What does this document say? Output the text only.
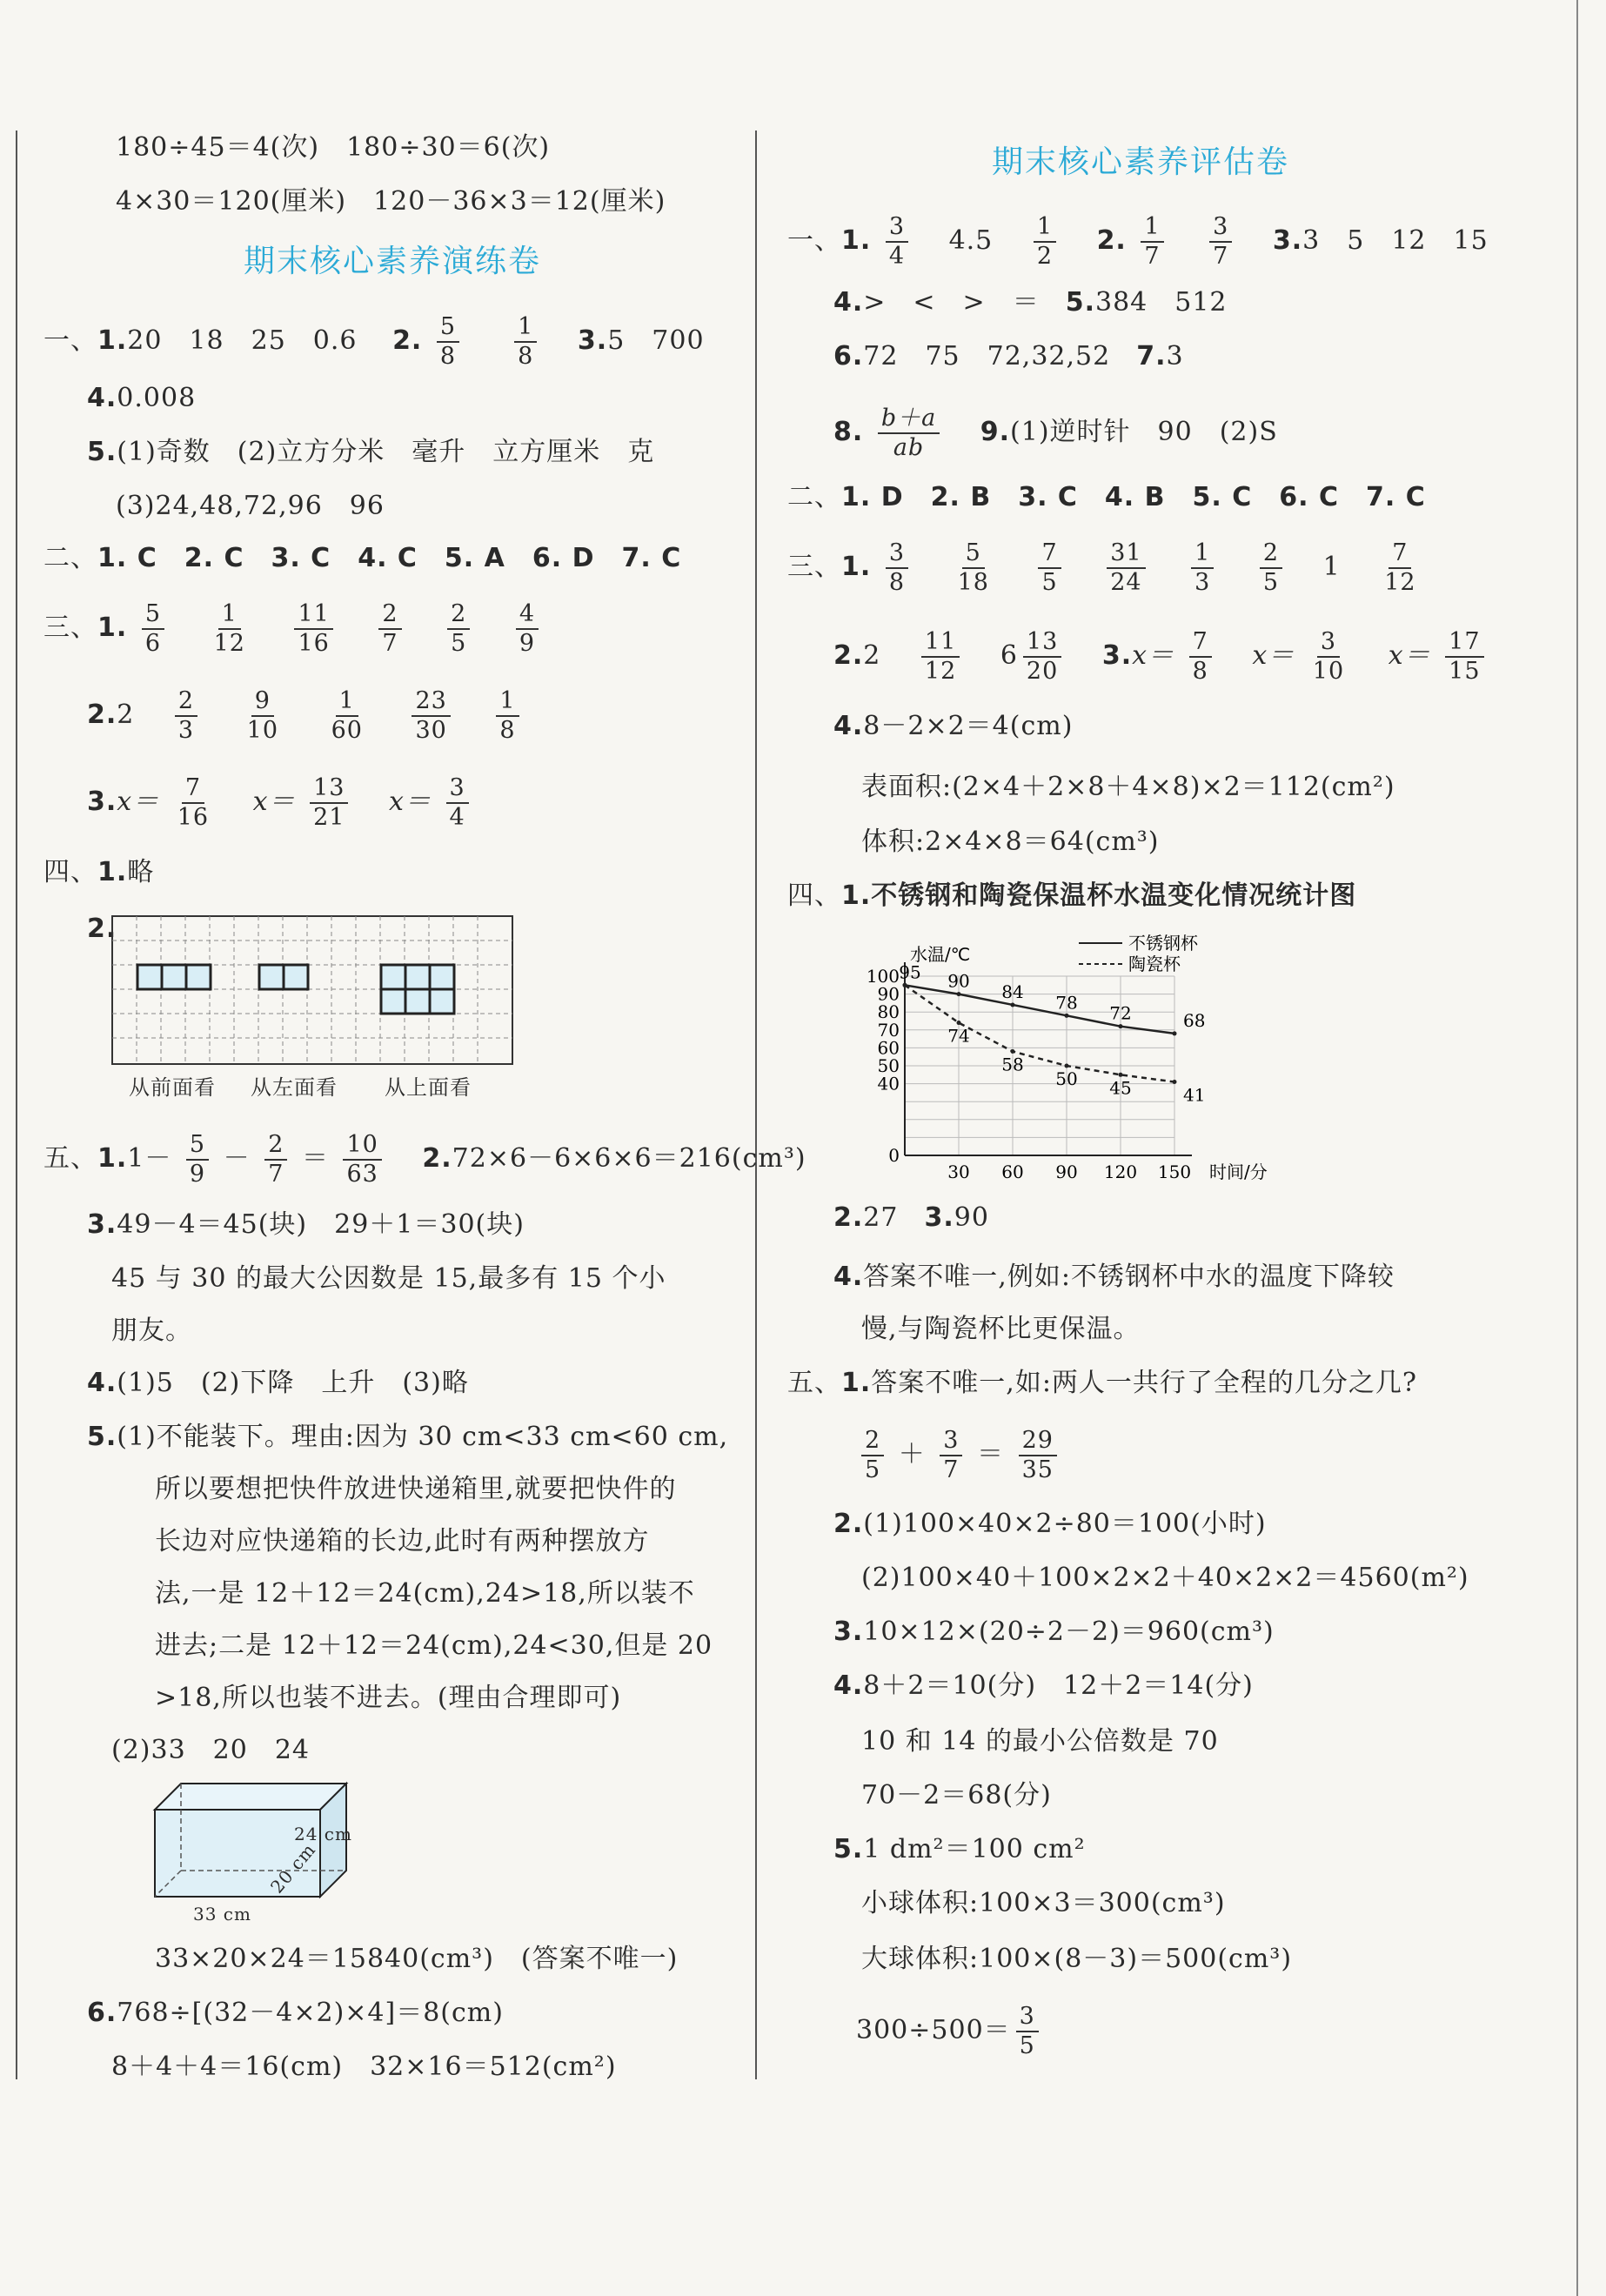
180÷45＝4(次)　180÷30＝6(次)
4×30＝120(厘米)　120－36×3＝12(厘米)
期末核心素养演练卷
一、1.20　18　25　0.6 2. $\frac{5}{8}$
$\frac{1}{8} 3.5$　700
4.0.008
5.(1)奇数　(2)立方分米　毫升　立方厘米　克
(3)24,48,72,96　96
二、1. C　2. C　3. C　4. C　5. A　6. D　7. C
三、1. $\frac{5}{6}$
$\frac{1}{12}$
$\frac{11}{16}$
$\frac{2}{7}$
$\frac{2}{5}$
$\frac{4}{9}$
$2.2 \frac{2}{3}$
$\frac{9}{10}$
$\frac{1}{60}$
$\frac{23}{30}$
$\frac{1}{8}$
$3.x= \frac{7}{16} x= \frac{13}{21} x= \frac{3}{4}$
四、1.略
2.
从前面看 从左面看 从上面看
五、$1.1- \frac{5}{9} - \frac{2}{7} = \frac{10}{63} 2.72\times 6-6\times 6\times 6=216(cm^3)$
3.49－4＝45(块)　29＋1＝30(块)
45 与 30 的最大公因数是 15,最多有 15 个小
朋友。
4.(1)5　(2)下降　上升　(3)略
5.(1)不能装下。理由:因为 30 cm<33 cm<60 cm,
所以要想把快件放进快递箱里,就要把快件的
长边对应快递箱的长边,此时有两种摆放方
法,一是 12＋12＝24(cm),24>18,所以装不
进去;二是 12＋12＝24(cm),24<30,但是 20
>18,所以也装不进去。(理由合理即可)
(2)33　20　24
24 cm
33 cm
20 cm
33×20×24＝15840(cm³)　(答案不唯一)
6.768÷[(32－4×2)×4]＝8(cm)
8＋4＋4＝16(cm)　32×16＝512(cm²)
期末核心素养评估卷
一、1. $\frac{3}{4} 4.5 \frac{1}{2} 2$. $\frac{1}{7}$
$\frac{3}{7} 3.3$　5　12　15
4.>　<　>　＝ 5.384　512
6.72　75　72,32,52 7.3
8. $\frac{b+a}{ab} 9.(1)$逆时针　90　(2)S
二、1. D　2. B　3. C　4. B　5. C　6. C　7. C
三、1. $\frac{3}{8}$
$\frac{5}{18}$
$\frac{7}{5}$
$\frac{31}{24}$
$\frac{1}{3}$
$\frac{2}{5} 1 \frac{7}{12}$
$2.2 \frac{11}{12} 6 \frac{13}{20} 3.x= \frac{7}{8} x= \frac{3}{10} x= \frac{17}{15}$
4.8－2×2＝4(cm)
表面积:(2×4＋2×8＋4×8)×2＝112(cm²)
体积:2×4×8＝64(cm³)
四、1.不锈钢和陶瓷保温杯水温变化情况统计图
0
40
50
60
70
80
90
100
30 60 90 120 150
水温/℃
时间/分
不锈钢杯
陶瓷杯
95 90
84
78
72	68
74
58
50 45	41
2.27 3.90
4.答案不唯一,例如:不锈钢杯中水的温度下降较
慢,与陶瓷杯比更保温。
五、1.答案不唯一,如:两人一共行了全程的几分之几?
$\frac{2}{5} + \frac{3}{7} = \frac{29}{35}$
2.(1)100×40×2÷80＝100(小时)
(2)100×40＋100×2×2＋40×2×2＝4560(m²)
3.10×12×(20÷2－2)＝960(cm³)
4.8＋2＝10(分)　12＋2＝14(分)
10 和 14 的最小公倍数是 70
70－2＝68(分)
5.1 dm²＝100 cm²
小球体积:100×3＝300(cm³)
大球体积:100×(8－3)＝500(cm³)
$300\div 500= \frac{3}{5}$
